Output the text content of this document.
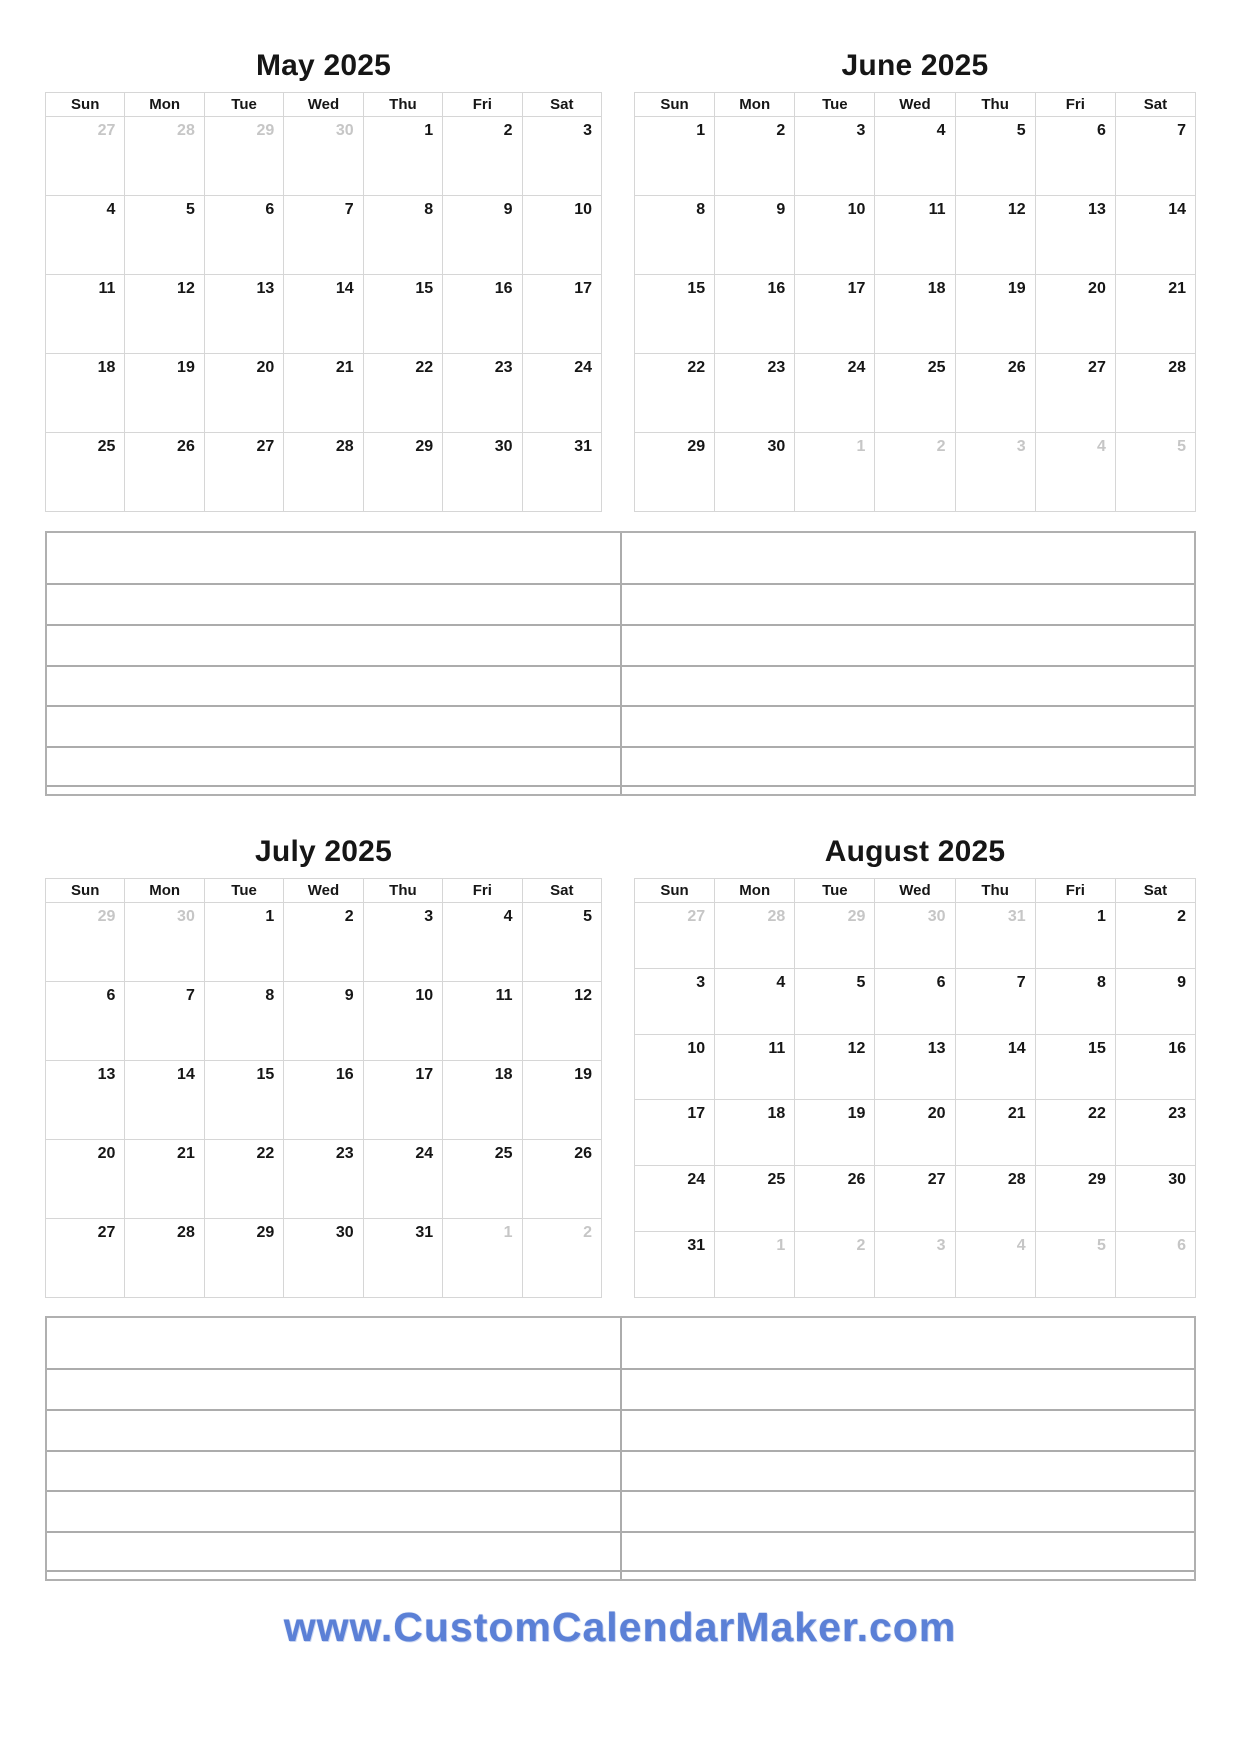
May 2025
Sun	Mon	Tue	Wed	Thu	Fri	Sat
27	28	29	30	1	2	3
4	5	6	7	8	9	10
11	12	13	14	15	16	17
18	19	20	21	22	23	24
25	26	27	28	29	30	31
June 2025
Sun	Mon	Tue	Wed	Thu	Fri	Sat
1	2	3	4	5	6	7
8	9	10	11	12	13	14
15	16	17	18	19	20	21
22	23	24	25	26	27	28
29	30	1	2	3	4	5
July 2025
Sun	Mon	Tue	Wed	Thu	Fri	Sat
29	30	1	2	3	4	5
6	7	8	9	10	11	12
13	14	15	16	17	18	19
20	21	22	23	24	25	26
27	28	29	30	31	1	2
August 2025
Sun	Mon	Tue	Wed	Thu	Fri	Sat
27	28	29	30	31	1	2
3	4	5	6	7	8	9
10	11	12	13	14	15	16
17	18	19	20	21	22	23
24	25	26	27	28	29	30
31	1	2	3	4	5	6
www.CustomCalendarMaker.com
